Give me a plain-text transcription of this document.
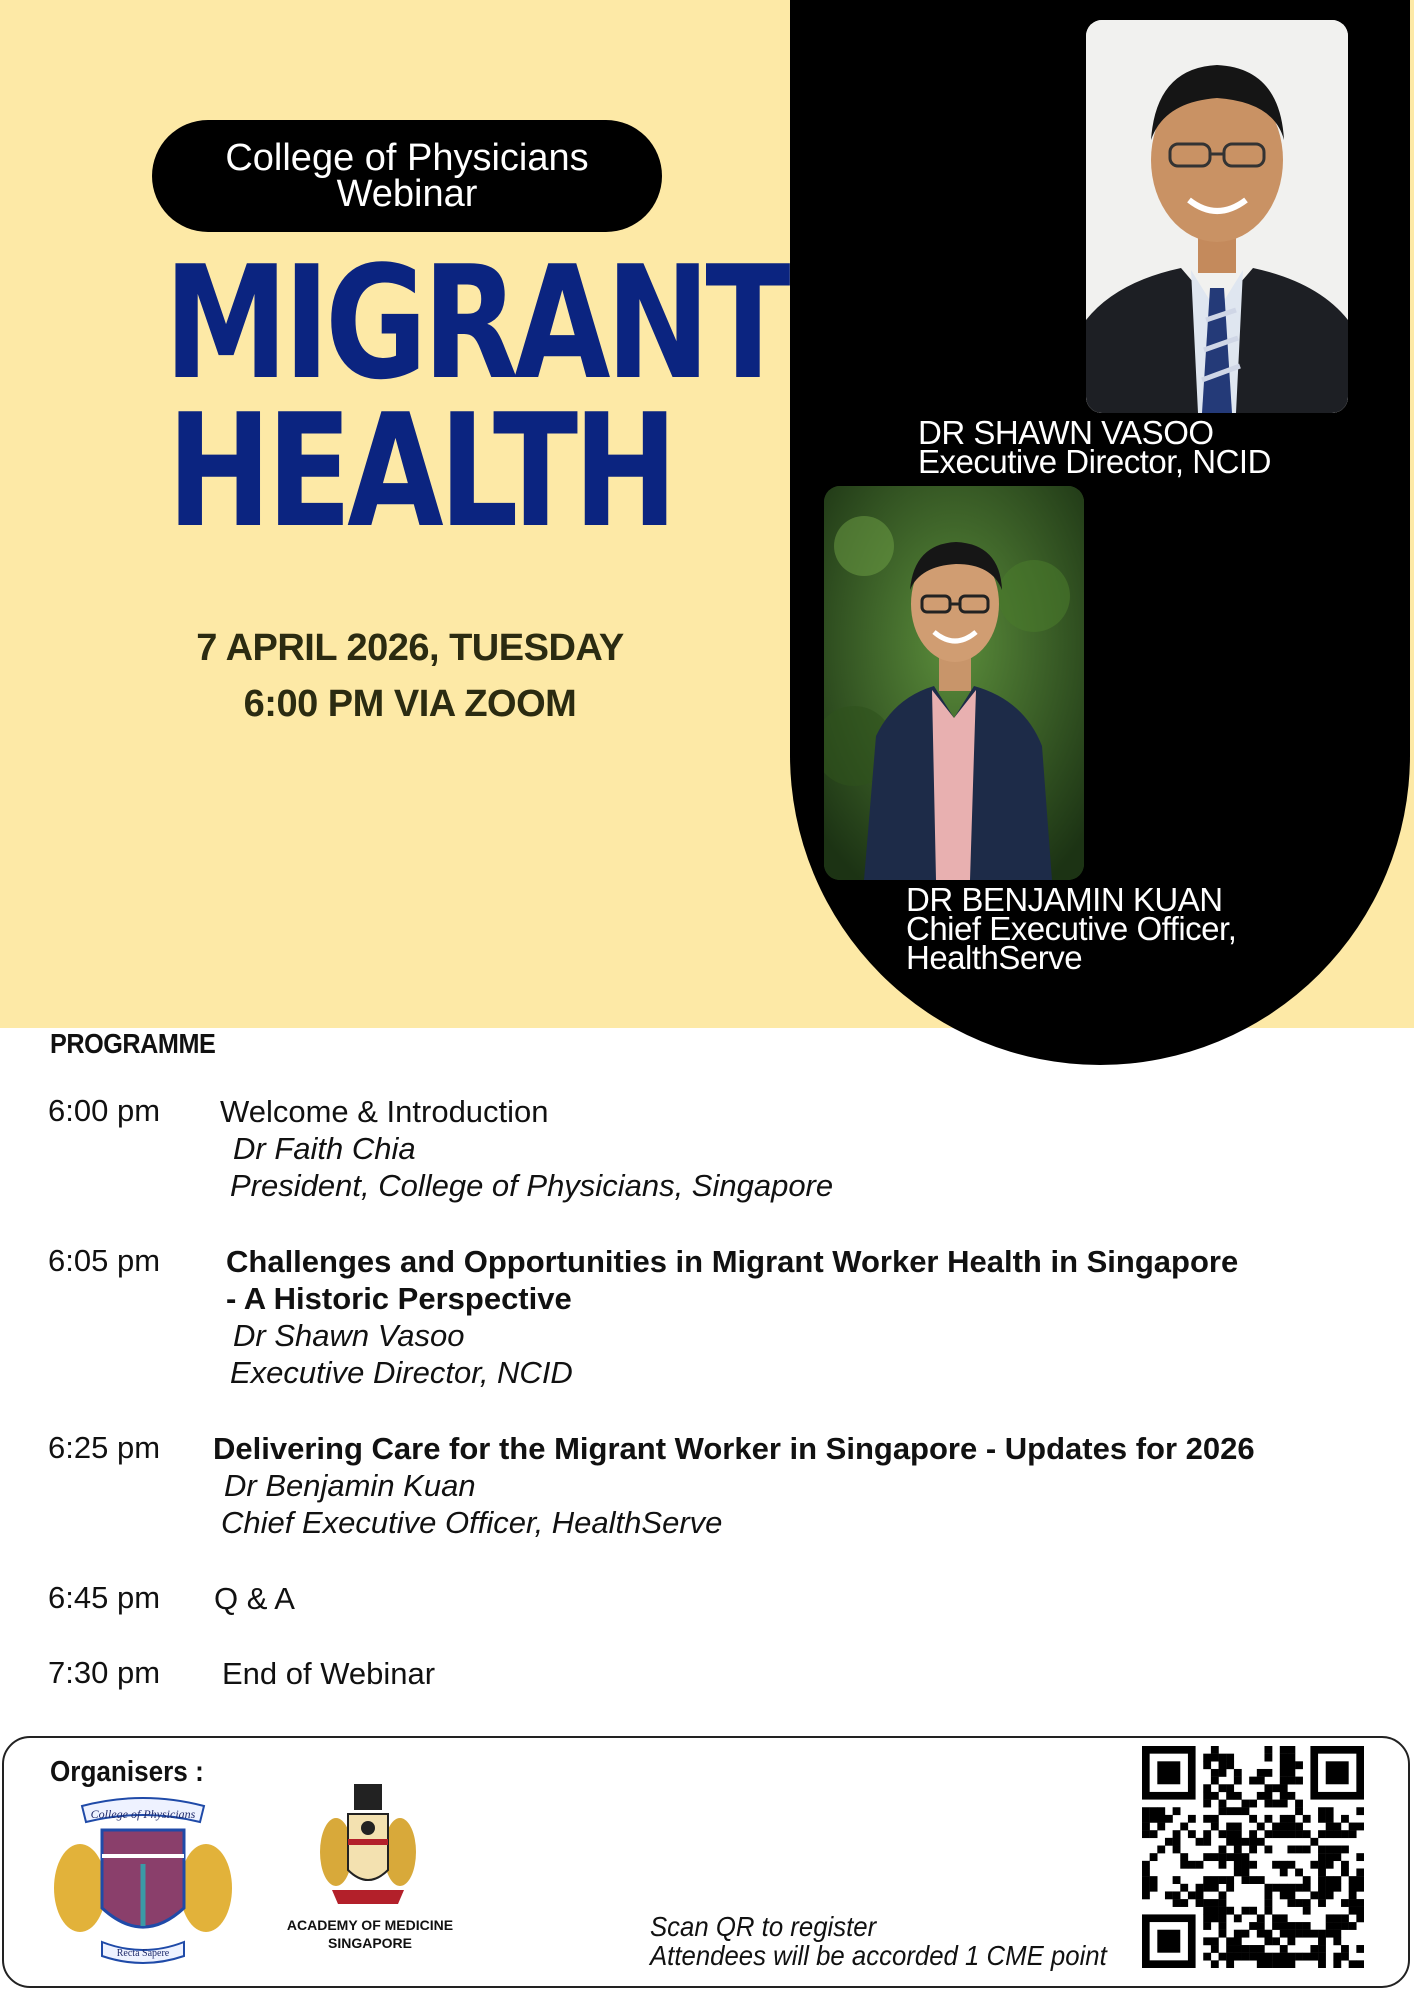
College of Physicians
Webinar
MIGRANT
HEALTH
7 APRIL 2026, TUESDAY
6:00 PM VIA ZOOM
DR SHAWN VASOO
Executive Director, NCID
DR BENJAMIN KUAN
Chief Executive Officer,
HealthServe
PROGRAMME
6:00 pm Welcome & Introduction
Dr Faith Chia
President, College of Physicians, Singapore
6:05 pm Challenges and Opportunities in Migrant Worker Health in Singapore
- A Historic Perspective
Dr Shawn Vasoo
Executive Director, NCID
6:25 pm Delivering Care for the Migrant Worker in Singapore - Updates for 2026
Dr Benjamin Kuan
Chief Executive Officer, HealthServe
6:45 pm Q & A
7:30 pm End of Webinar
Organisers :
College of Physicians
Recta Sapere
ACADEMY OF MEDICINE
SINGAPORE
Scan QR to register
Attendees will be accorded 1 CME point
